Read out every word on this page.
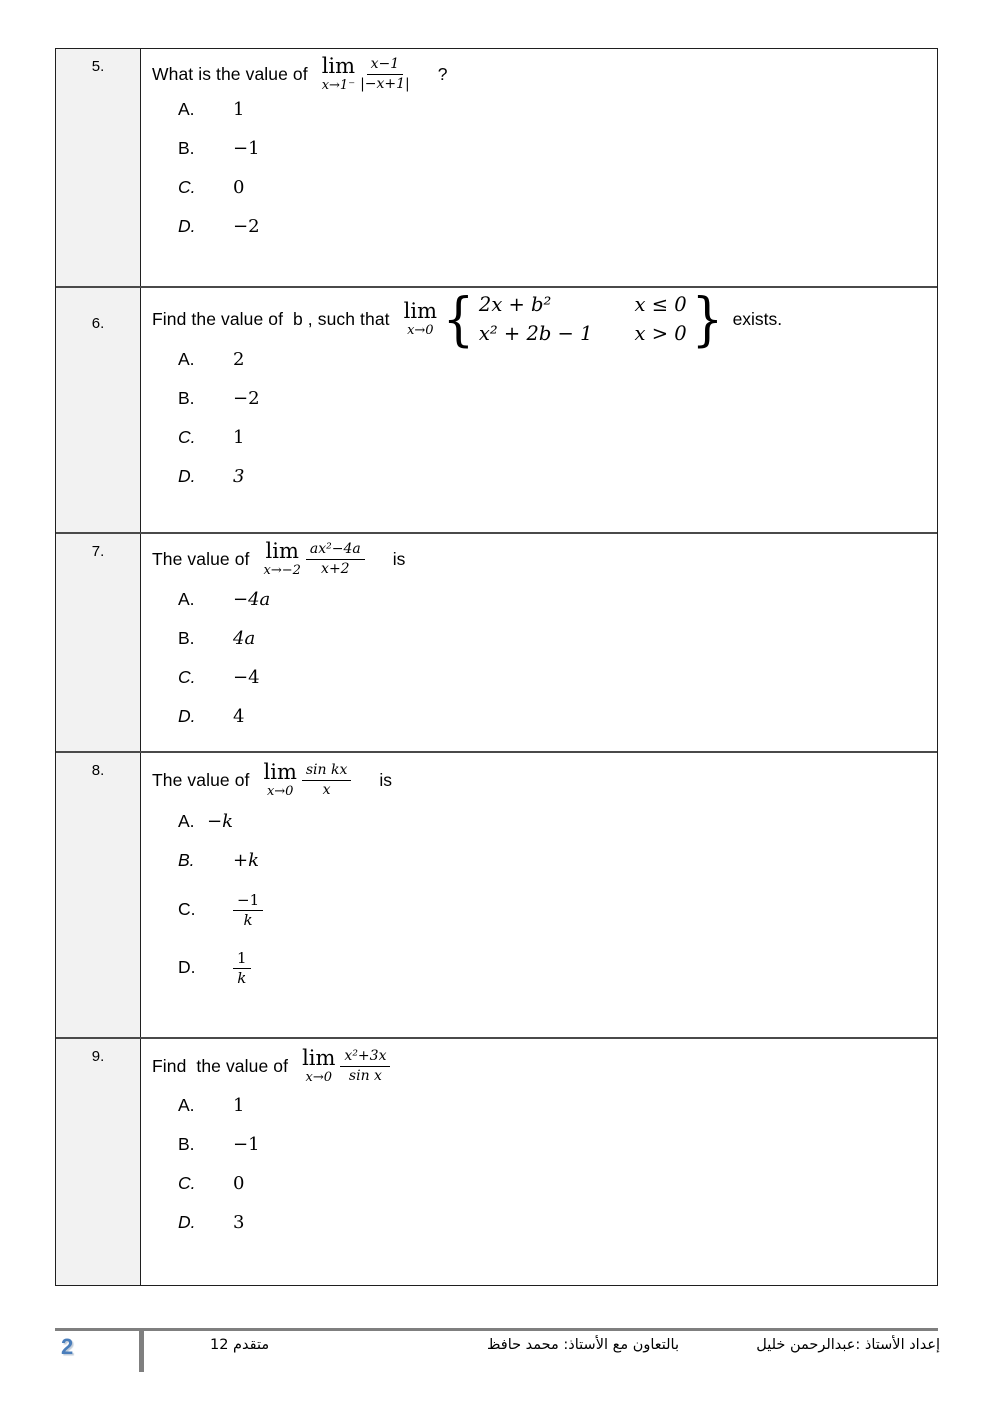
5.	What is the value of lim
$x\to 1^- \frac{x-1}{|-x+1|}$ ?
A.	1
B.	−1
C.	0
D.	−2
6.	Find the value of  b , such that lim
x→0 { 2x + b²	x ≤ 0
x² + 2b − 1 x > 0 } exists.
A.	2
B.	−2
C.	1
D.	3
7.	The value of lim
$x\to-2 \frac{\text{ax²−4a}}{x+2}$ is
A.	−4a
B.	4a
C.	−4
D.	4
8.	The value of lim
$x\to 0 \frac{\text{sin kx}}{x}$ is
A. −k
B.	+k
C.	$\frac{-1}{k}$
D.	$\frac{1}{k}$
9.	Find  the value of lim
$x\to 0 \frac{\text{x²+3x}}{\text{sin x}}$
A.	1
B.	−1
C.	0
D.	3
2	متقدم 12	بالتعاون مع الأستاذ: محمد حافظ	إعداد الأستاذ :عبدالرحمن خليل
